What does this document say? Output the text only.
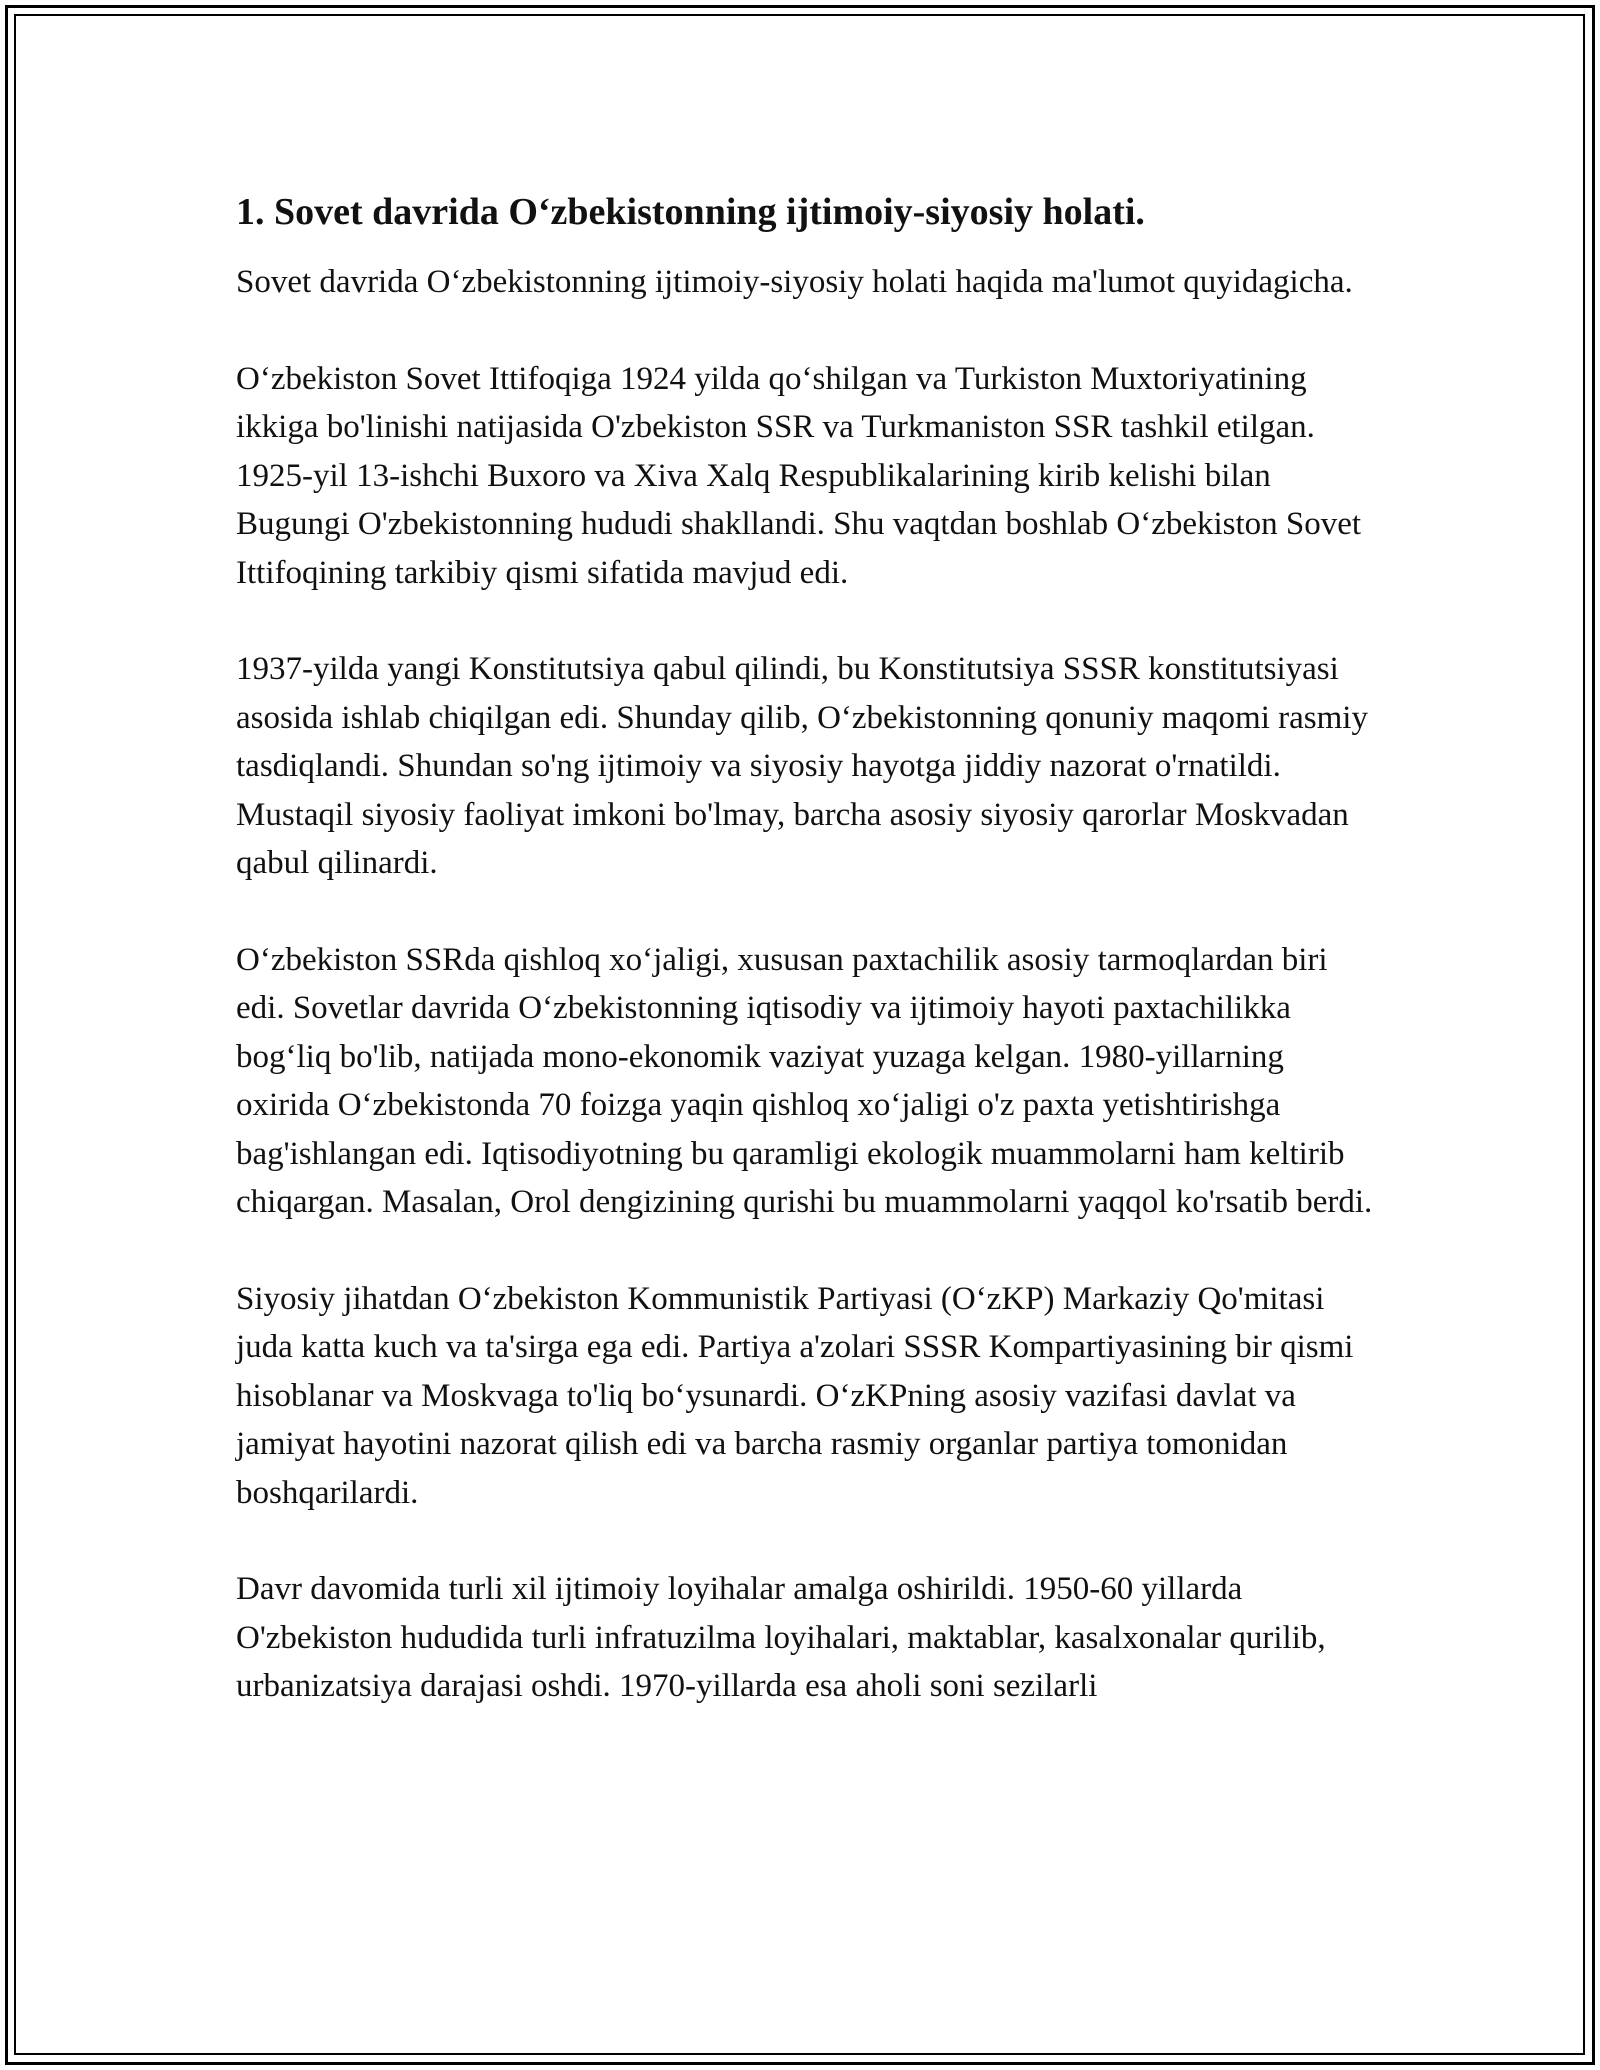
1. Sovet davrida O‘zbekistonning ijtimoiy-siyosiy holati.

Sovet davrida O‘zbekistonning ijtimoiy-siyosiy holati haqida ma'lumot quyidagicha.

O‘zbekiston Sovet Ittifoqiga 1924 yilda qo‘shilgan va Turkiston Muxtoriyatining ikkiga bo'linishi natijasida O'zbekiston SSR va Turkmaniston SSR tashkil etilgan. 1925-yil 13-ishchi Buxoro va Xiva Xalq Respublikalarining kirib kelishi bilan Bugungi O'zbekistonning hududi shakllandi. Shu vaqtdan boshlab O‘zbekiston Sovet Ittifoqining tarkibiy qismi sifatida mavjud edi.

1937-yilda yangi Konstitutsiya qabul qilindi, bu Konstitutsiya SSSR konstitutsiyasi asosida ishlab chiqilgan edi. Shunday qilib, O‘zbekistonning qonuniy maqomi rasmiy tasdiqlandi. Shundan so'ng ijtimoiy va siyosiy hayotga jiddiy nazorat o'rnatildi. Mustaqil siyosiy faoliyat imkoni bo'lmay, barcha asosiy siyosiy qarorlar Moskvadan qabul qilinardi.

O‘zbekiston SSRda qishloq xo‘jaligi, xususan paxtachilik asosiy tarmoqlardan biri edi. Sovetlar davrida O‘zbekistonning iqtisodiy va ijtimoiy hayoti paxtachilikka bog‘liq bo'lib, natijada mono-ekonomik vaziyat yuzaga kelgan. 1980-yillarning oxirida O‘zbekistonda 70 foizga yaqin qishloq xo‘jaligi o'z paxta yetishtirishga bag'ishlangan edi. Iqtisodiyotning bu qaramligi ekologik muammolarni ham keltirib chiqargan. Masalan, Orol dengizining qurishi bu muammolarni yaqqol ko'rsatib berdi.

Siyosiy jihatdan O‘zbekiston Kommunistik Partiyasi (O‘zKP) Markaziy Qo'mitasi juda katta kuch va ta'sirga ega edi. Partiya a'zolari SSSR Kompartiyasining bir qismi hisoblanar va Moskvaga to'liq bo‘ysunardi. O‘zKPning asosiy vazifasi davlat va jamiyat hayotini nazorat qilish edi va barcha rasmiy organlar partiya tomonidan boshqarilardi.

Davr davomida turli xil ijtimoiy loyihalar amalga oshirildi. 1950-60 yillarda O'zbekiston hududida turli infratuzilma loyihalari, maktablar, kasalxonalar qurilib, urbanizatsiya darajasi oshdi. 1970-yillarda esa aholi soni sezilarli
